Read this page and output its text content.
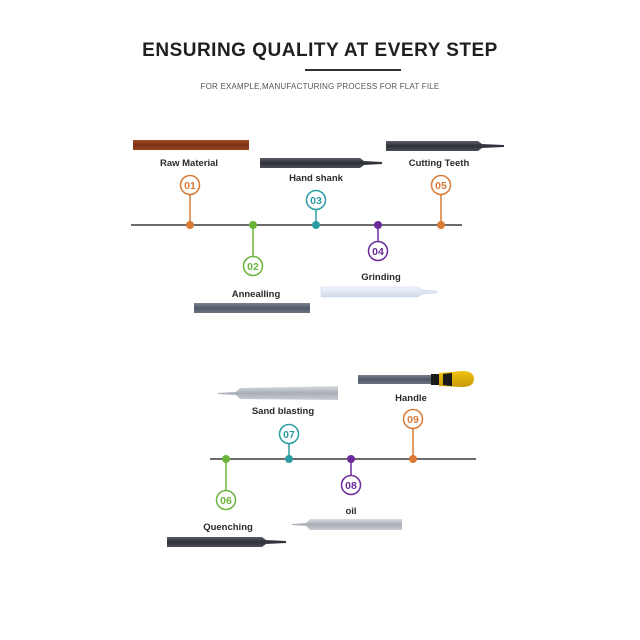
ENSURING QUALITY AT EVERY STEP
FOR EXAMPLE,MANUFACTURING PROCESS FOR FLAT FILE
Raw Material
01
02
Annealling
Hand shank
03
04
Grinding
Cutting Teeth
05
06
Quenching
Sand blasting
07
08
oil
Handle
09
